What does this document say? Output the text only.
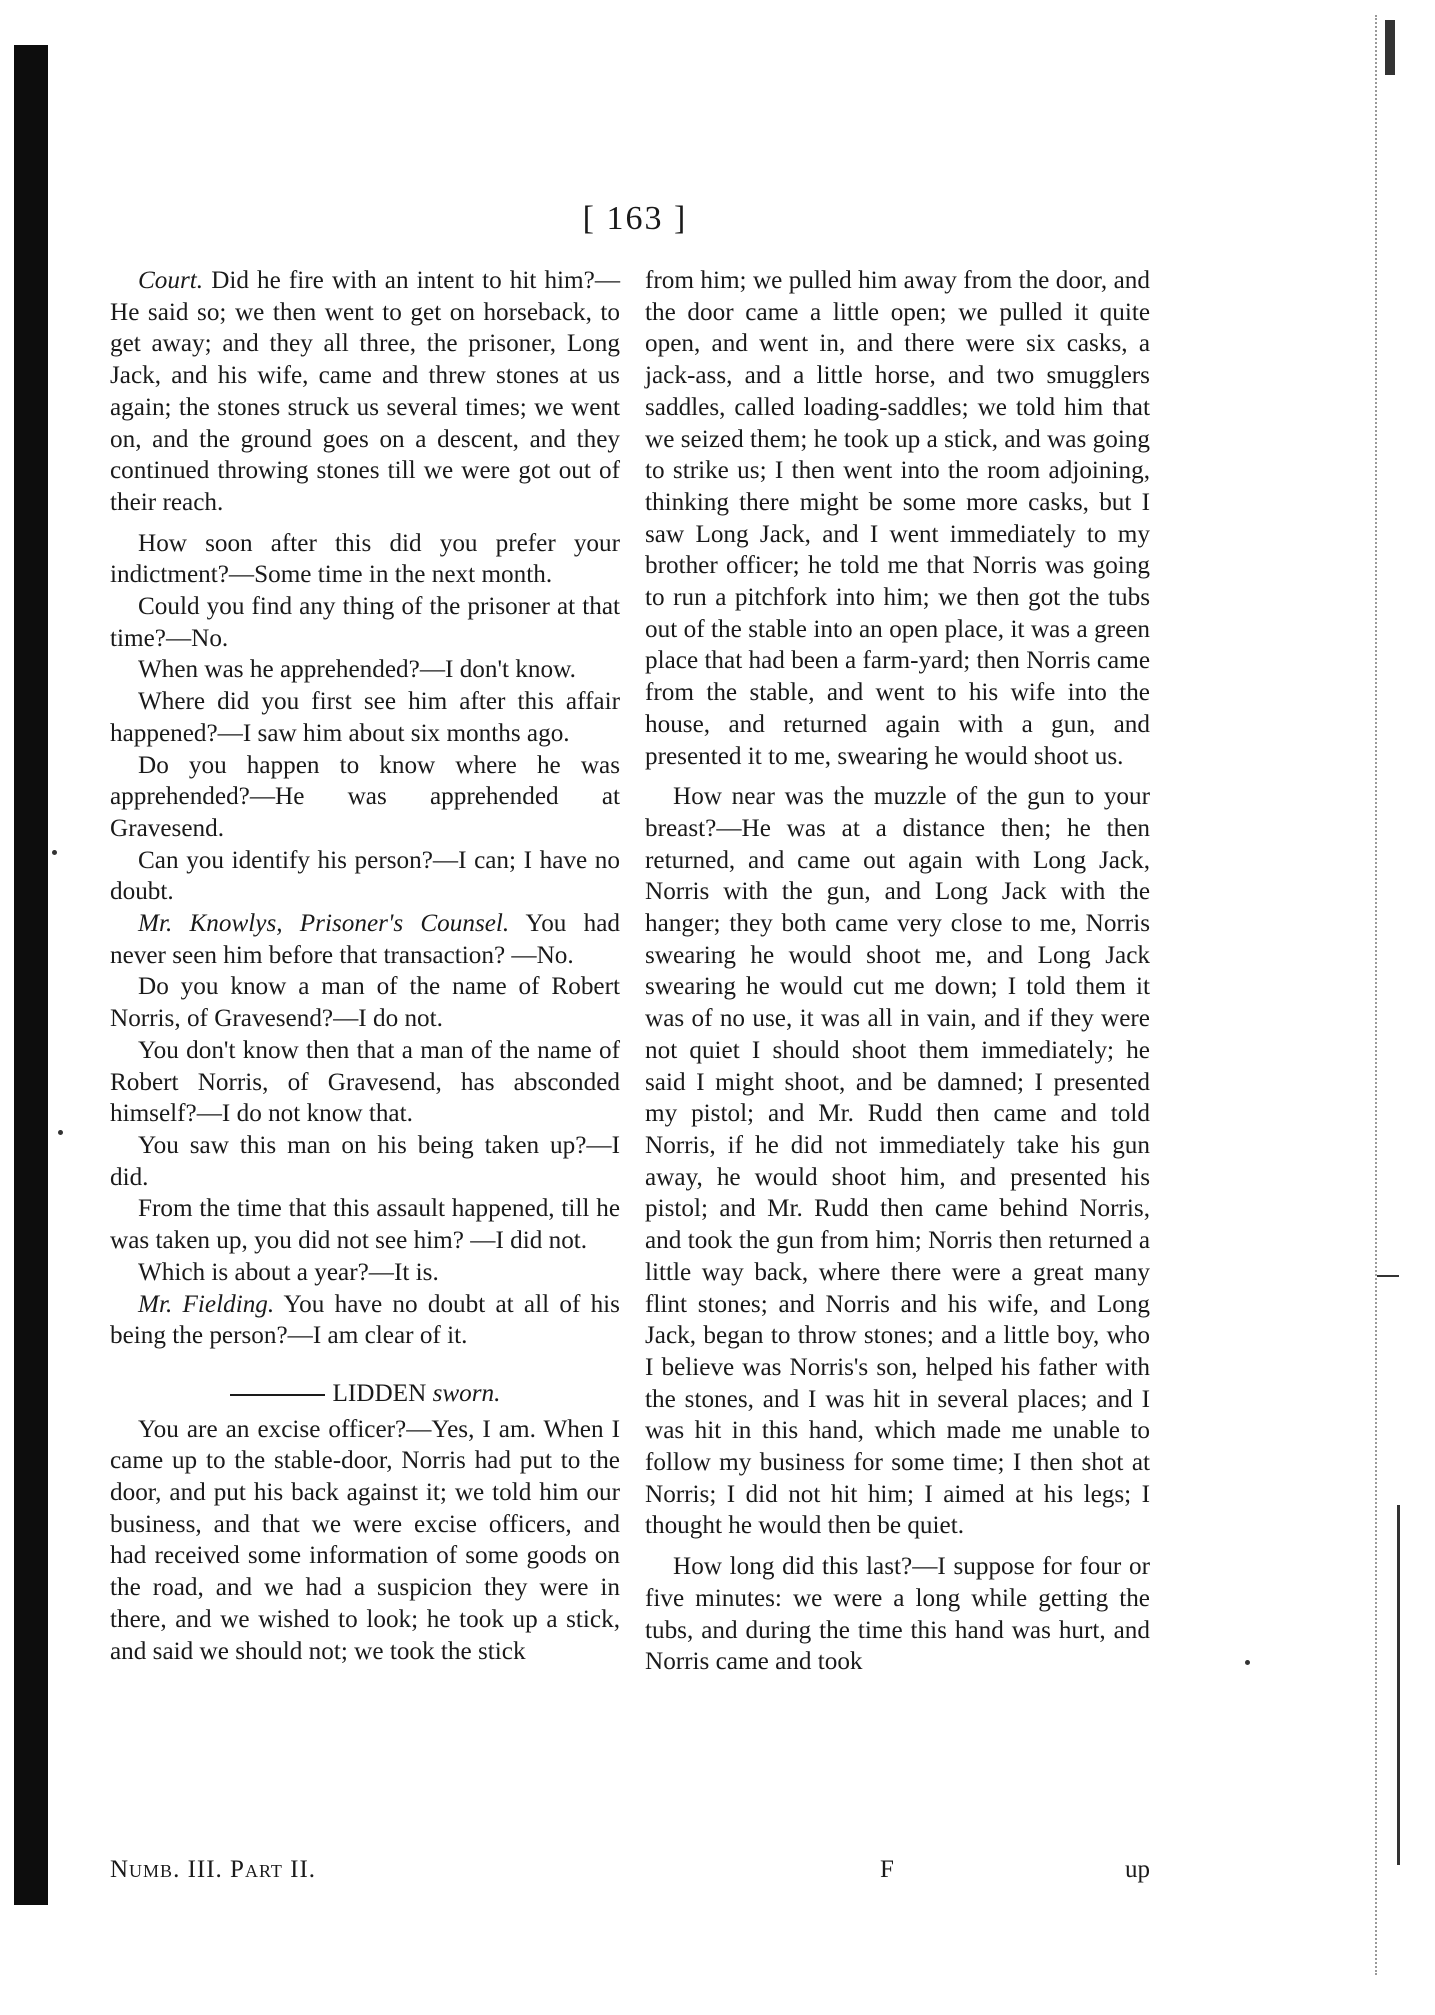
[ 163 ]

Court. Did he fire with an intent to hit him?—He said so; we then went to get on horseback, to get away; and they all three, the prisoner, Long Jack, and his wife, came and threw stones at us again; the stones struck us several times; we went on, and the ground goes on a descent, and they continued throwing stones till we were got out of their reach.

How soon after this did you prefer your indictment?—Some time in the next month.

Could you find any thing of the prisoner at that time?—No.

When was he apprehended?—I don't know.

Where did you first see him after this affair happened?—I saw him about six months ago.

Do you happen to know where he was apprehended?—He was apprehended at Gravesend.

Can you identify his person?—I can; I have no doubt.

Mr. Knowlys, Prisoner's Counsel. You had never seen him before that transaction? —No.

Do you know a man of the name of Robert Norris, of Gravesend?—I do not.

You don't know then that a man of the name of Robert Norris, of Gravesend, has absconded himself?—I do not know that.

You saw this man on his being taken up?—I did.

From the time that this assault happened, till he was taken up, you did not see him? —I did not.

Which is about a year?—It is.

Mr. Fielding. You have no doubt at all of his being the person?—I am clear of it.

LIDDEN sworn.

You are an excise officer?—Yes, I am. When I came up to the stable-door, Norris had put to the door, and put his back against it; we told him our business, and that we were excise officers, and had received some information of some goods on the road, and we had a suspicion they were in there, and we wished to look; he took up a stick, and said we should not; we took the stick

from him; we pulled him away from the door, and the door came a little open; we pulled it quite open, and went in, and there were six casks, a jack-ass, and a little horse, and two smugglers saddles, called loading-saddles; we told him that we seized them; he took up a stick, and was going to strike us; I then went into the room adjoining, thinking there might be some more casks, but I saw Long Jack, and I went immediately to my brother officer; he told me that Norris was going to run a pitchfork into him; we then got the tubs out of the stable into an open place, it was a green place that had been a farm-yard; then Norris came from the stable, and went to his wife into the house, and returned again with a gun, and presented it to me, swearing he would shoot us.

How near was the muzzle of the gun to your breast?—He was at a distance then; he then returned, and came out again with Long Jack, Norris with the gun, and Long Jack with the hanger; they both came very close to me, Norris swearing he would shoot me, and Long Jack swearing he would cut me down; I told them it was of no use, it was all in vain, and if they were not quiet I should shoot them immediately; he said I might shoot, and be damned; I presented my pistol; and Mr. Rudd then came and told Norris, if he did not immediately take his gun away, he would shoot him, and presented his pistol; and Mr. Rudd then came behind Norris, and took the gun from him; Norris then returned a little way back, where there were a great many flint stones; and Norris and his wife, and Long Jack, began to throw stones; and a little boy, who I believe was Norris's son, helped his father with the stones, and I was hit in several places; and I was hit in this hand, which made me unable to follow my business for some time; I then shot at Norris; I did not hit him; I aimed at his legs; I thought he would then be quiet.

How long did this last?—I suppose for four or five minutes: we were a long while getting the tubs, and during the time this hand was hurt, and Norris came and took

Numb. III. Part II.	F	up
